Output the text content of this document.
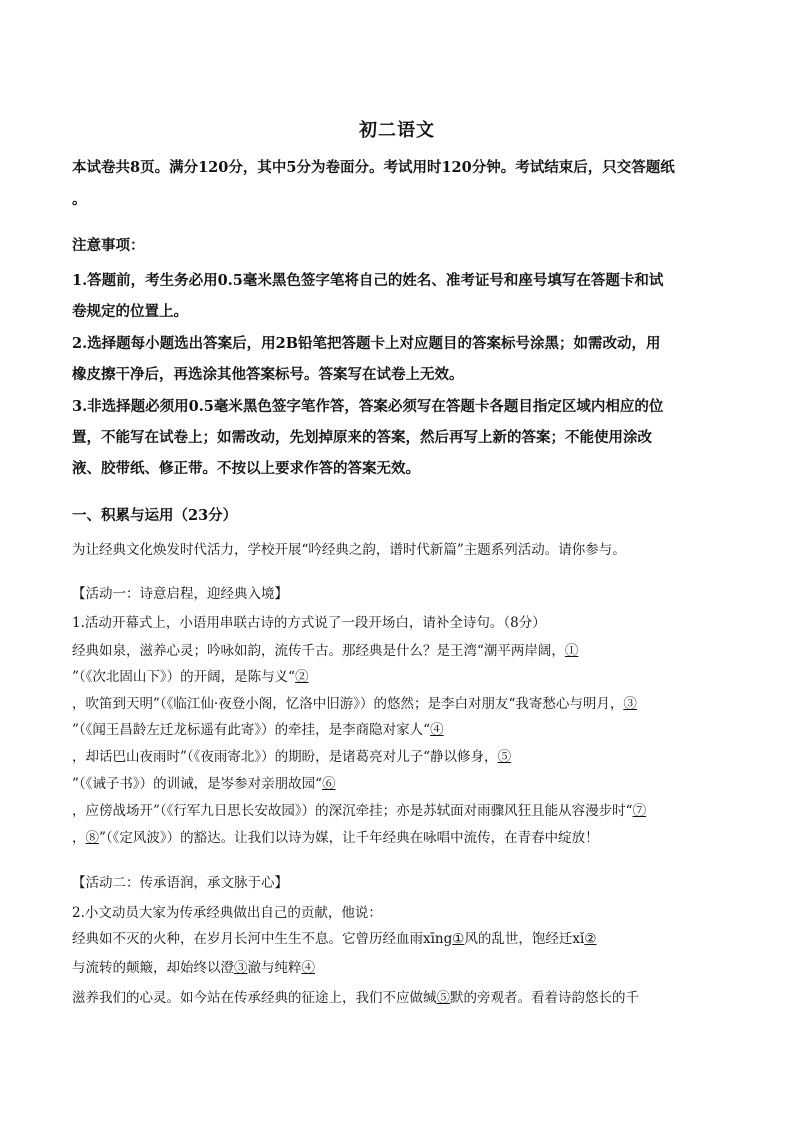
初二语文
本试卷共8页。满分120分，其中5分为卷面分。考试用时120分钟。考试结束后，只交答题纸
。
注意事项：
1.答题前，考生务必用0.5毫米黑色签字笔将自己的姓名、准考证号和座号填写在答题卡和试
卷规定的位置上。
2.选择题每小题选出答案后，用2B铅笔把答题卡上对应题目的答案标号涂黑；如需改动，用
橡皮擦干净后，再选涂其他答案标号。答案写在试卷上无效。
3.非选择题必须用0.5毫米黑色签字笔作答，答案必须写在答题卡各题目指定区域内相应的位
置，不能写在试卷上；如需改动，先划掉原来的答案，然后再写上新的答案；不能使用涂改
液、胶带纸、修正带。不按以上要求作答的答案无效。
一、积累与运用（23分）
为让经典文化焕发时代活力，学校开展“吟经典之韵，谱时代新篇”主题系列活动。请你参与。
【活动一：诗意启程，迎经典入境】
1.活动开幕式上，小语用串联古诗的方式说了一段开场白，请补全诗句。（8分）
经典如泉，滋养心灵；吟咏如韵，流传千古。那经典是什么？是王湾“潮平两岸阔，①
”（《次北固山下》）的开阔，是陈与义“②
，吹笛到天明”（《临江仙·夜登小阁，忆洛中旧游》）的悠然；是李白对朋友“我寄愁心与明月，③
”（《闻王昌龄左迁龙标遥有此寄》）的牵挂，是李商隐对家人“④
，却话巴山夜雨时”（《夜雨寄北》）的期盼，是诸葛亮对儿子“静以修身，⑤
”（《诫子书》）的训诫，是岑参对亲朋故园“⑥
，应傍战场开”（《行军九日思长安故园》）的深沉牵挂；亦是苏轼面对雨骤风狂且能从容漫步时“⑦
，⑧”（《定风波》）的豁达。让我们以诗为媒，让千年经典在咏唱中流传，在青春中绽放！
【活动二：传承语润，承文脉于心】
2.小文动员大家为传承经典做出自己的贡献，他说：
经典如不灭的火种，在岁月长河中生生不息。它曾历经血雨xīng①风的乱世，饱经迁xǐ②
与流转的颠簸，却始终以澄③澈与纯粹④
滋养我们的心灵。如今站在传承经典的征途上，我们不应做缄⑤默的旁观者。看着诗韵悠长的千
